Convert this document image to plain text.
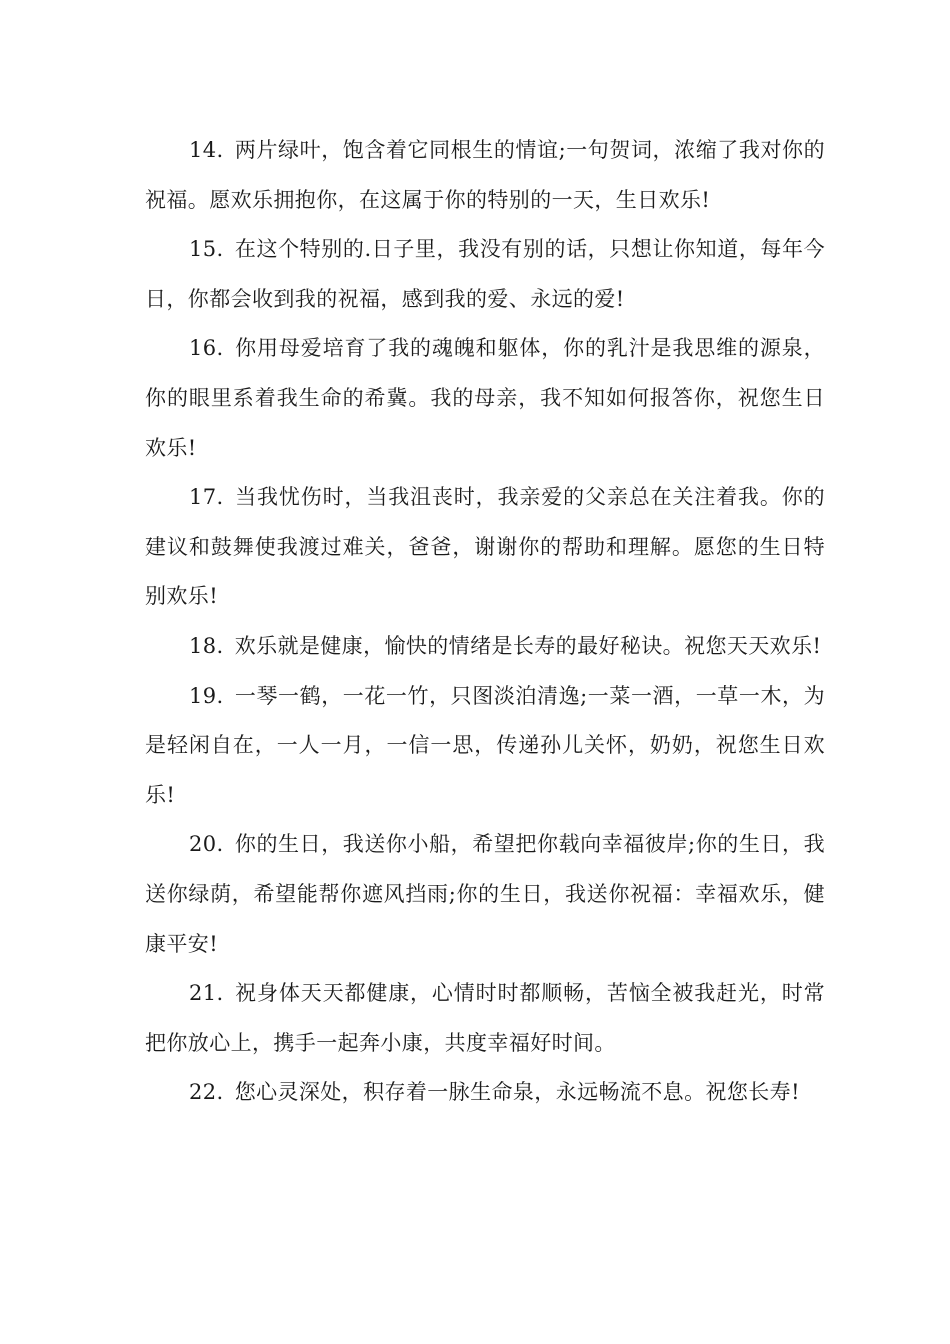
14. 两片绿叶，饱含着它同根生的情谊;一句贺词，浓缩了我对你的祝福。愿欢乐拥抱你，在这属于你的特别的一天，生日欢乐!

15. 在这个特别的.日子里，我没有别的话，只想让你知道，每年今日，你都会收到我的祝福，感到我的爱、永远的爱!

16. 你用母爱培育了我的魂魄和躯体，你的乳汁是我思维的源泉，你的眼里系着我生命的希冀。我的母亲，我不知如何报答你，祝您生日欢乐!

17. 当我忧伤时，当我沮丧时，我亲爱的父亲总在关注着我。你的建议和鼓舞使我渡过难关，爸爸，谢谢你的帮助和理解。愿您的生日特别欢乐!

18. 欢乐就是健康，愉快的情绪是长寿的最好秘诀。祝您天天欢乐!

19. 一琴一鹤，一花一竹，只图淡泊清逸;一菜一酒，一草一木，为是轻闲自在，一人一月，一信一思，传递孙儿关怀，奶奶，祝您生日欢乐!

20. 你的生日，我送你小船，希望把你载向幸福彼岸;你的生日，我送你绿荫，希望能帮你遮风挡雨;你的生日，我送你祝福：幸福欢乐，健康平安!

21. 祝身体天天都健康，心情时时都顺畅，苦恼全被我赶光，时常把你放心上，携手一起奔小康，共度幸福好时间。

22. 您心灵深处，积存着一脉生命泉，永远畅流不息。祝您长寿!
